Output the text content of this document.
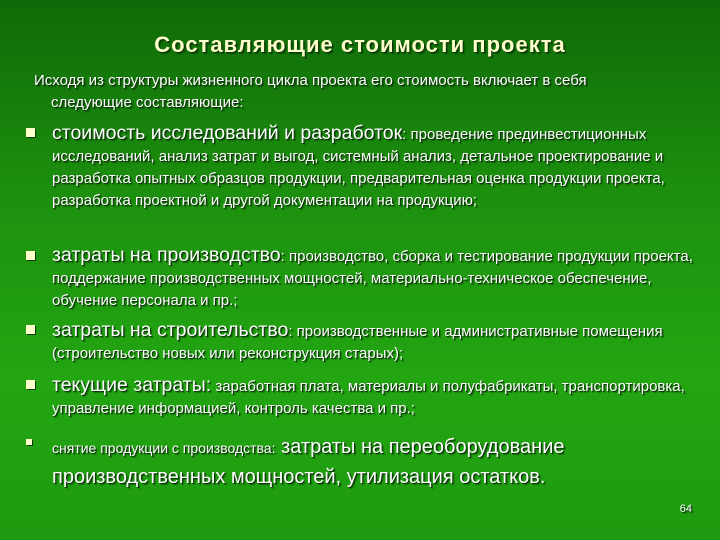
Составляющие стоимости проекта
Исходя из структуры жизненного цикла проекта его стоимость включает в себя
следующие составляющие:
стоимость исследований и разработок: проведение прединвестиционных исследований, анализ затрат и выгод, системный анализ, детальное проектирование и разработка опытных образцов продукции, предварительная оценка продукции проекта, разработка проектной и другой документации на продукцию;
затраты на производство: производство, сборка и тестирование продукции проекта, поддержание производственных мощностей, материально-техническое обеспечение, обучение персонала и пр.;
затраты на строительство: производственные и административные помещения (строительство новых или реконструкция старых);
текущие затраты: заработная плата, материалы и полуфабрикаты, транспортировка, управление информацией, контроль качества и пр.;
снятие продукции с производства: затраты на переоборудование производственных мощностей, утилизация остатков.
64
